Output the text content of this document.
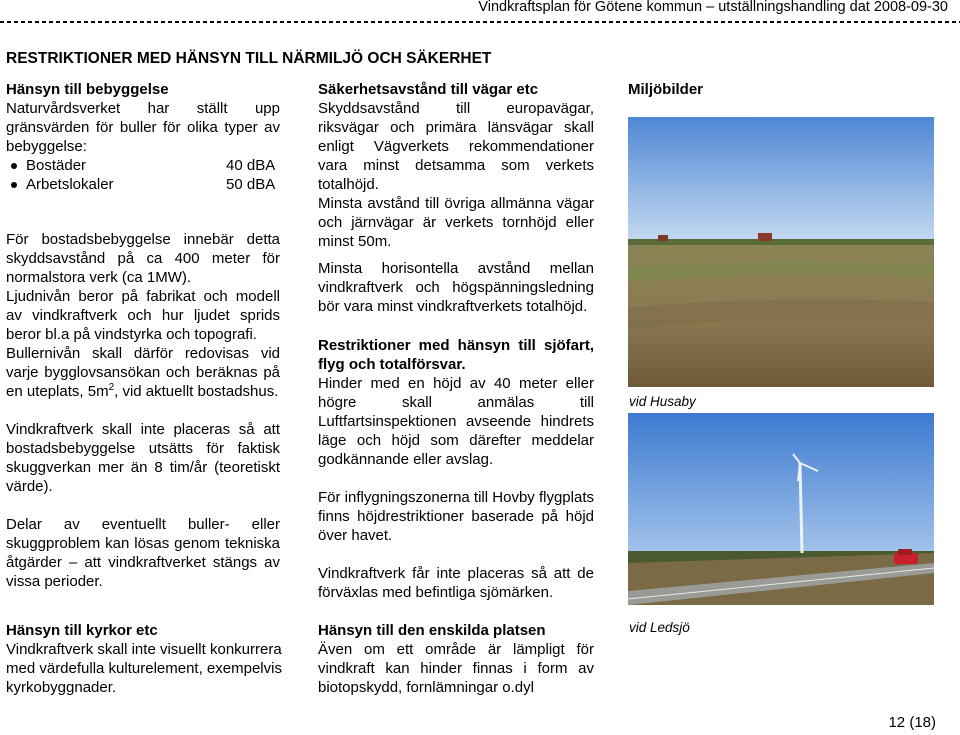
Vindkraftsplan för Götene kommun – utställningshandling dat 2008-09-30
RESTRIKTIONER MED HÄNSYN TILL NÄRMILJÖ OCH SÄKERHET

Hänsyn till bebyggelse

Naturvårdsverket har ställt upp gränsvärden för buller för olika typer av bebyggelse:

Bostäder	40 dBA
Arbetslokaler	50 dBA

För bostadsbebyggelse innebär detta skyddsavstånd på ca 400 meter för normalstora verk (ca 1MW).

Ljudnivån beror på fabrikat och modell av vindkraftverk och hur ljudet sprids beror bl.a på vindstyrka och topografi.

Bullernivån skall därför redovisas vid varje bygglovsansökan och beräknas på en uteplats, $5m^2$, vid aktuellt bostadshus.

Vindkraftverk skall inte placeras så att bostadsbebyggelse utsätts för faktisk skuggverkan mer än 8 tim/år (teoretiskt värde).

Delar av eventuellt buller- eller skuggproblem kan lösas genom tekniska åtgärder – att vindkraftverket stängs av vissa perioder.

Hänsyn till kyrkor etc

Vindkraftverk skall inte visuellt konkurrera med värdefulla kulturelement, exempelvis kyrkobyggnader.

Säkerhetsavstånd till vägar etc

Skyddsavstånd till europavägar, riksvägar och primära länsvägar skall enligt Vägverkets rekommendationer vara minst detsamma som verkets totalhöjd.

Minsta avstånd till övriga allmänna vägar och järnvägar är verkets tornhöjd eller minst 50m.

Minsta horisontella avstånd mellan vindkraftverk och högspänningsledning bör vara minst vindkraftverkets totalhöjd.

Restriktioner med hänsyn till sjöfart, flyg och totalförsvar.

Hinder med en höjd av 40 meter eller högre skall anmälas till Luftfartsinspektionen avseende hindrets läge och höjd som därefter meddelar godkännande eller avslag.

För inflygningszonerna till Hovby flygplats finns höjdrestriktioner baserade på höjd över havet.

Vindkraftverk får inte placeras så att de förväxlas med befintliga sjömärken.

Hänsyn till den enskilda platsen

Även om ett område är lämpligt för vindkraft kan hinder finnas i form av biotopskydd, fornlämningar o.dyl

Miljöbilder

vid Husaby
vid Ledsjö
12 (18)
